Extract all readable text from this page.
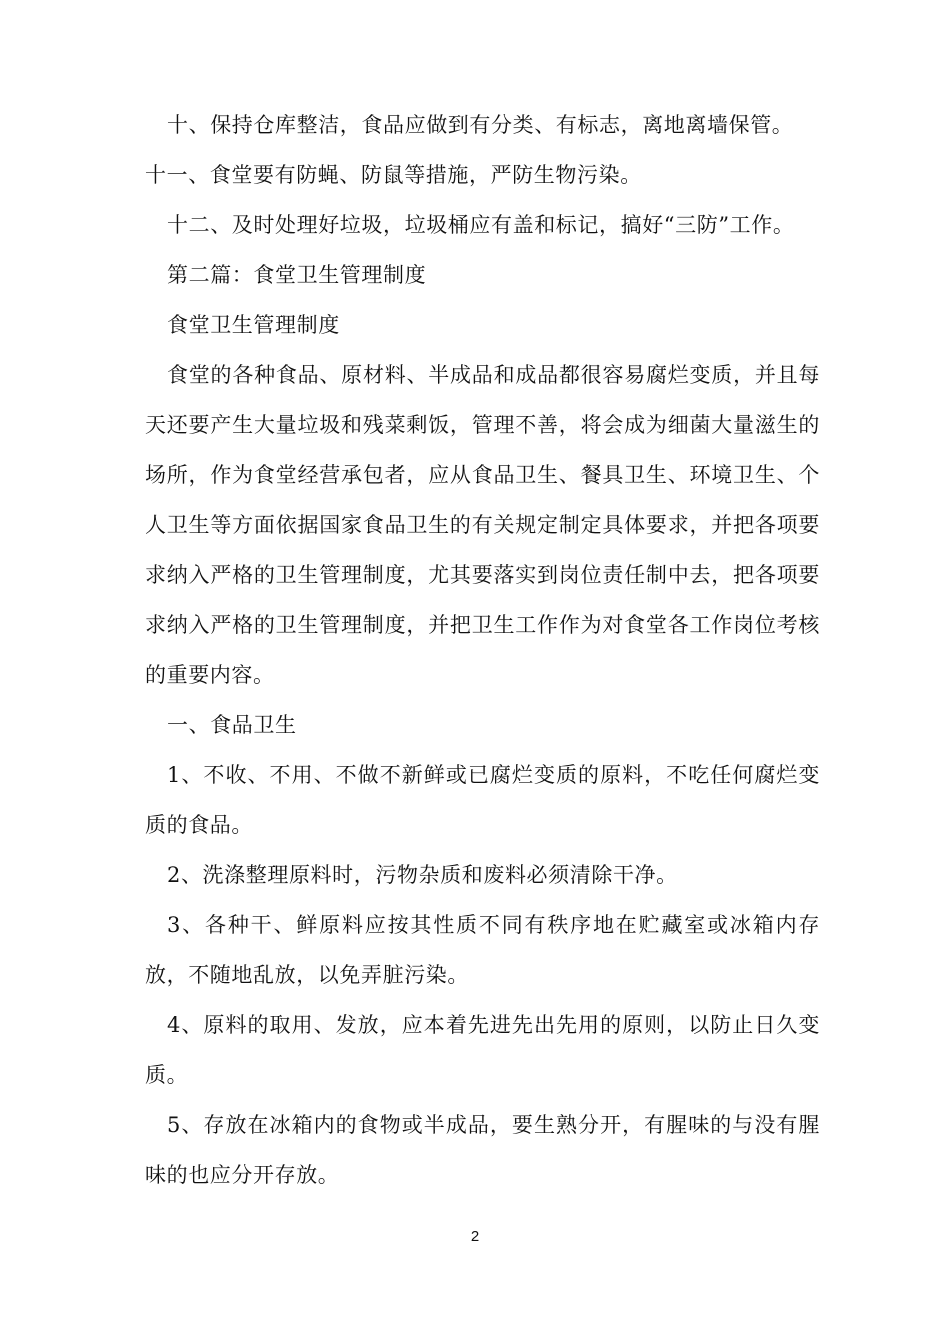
十、保持仓库整洁，食品应做到有分类、有标志，离地离墙保管。

十一、食堂要有防蝇、防鼠等措施，严防生物污染。

十二、及时处理好垃圾，垃圾桶应有盖和标记，搞好“三防”工作。

第二篇：食堂卫生管理制度

食堂卫生管理制度

食堂的各种食品、原材料、半成品和成品都很容易腐烂变质，并且每天还要产生大量垃圾和残菜剩饭，管理不善，将会成为细菌大量滋生的场所，作为食堂经营承包者，应从食品卫生、餐具卫生、环境卫生、个人卫生等方面依据国家食品卫生的有关规定制定具体要求，并把各项要求纳入严格的卫生管理制度，尤其要落实到岗位责任制中去，把各项要求纳入严格的卫生管理制度，并把卫生工作作为对食堂各工作岗位考核的重要内容。

一、食品卫生

1、不收、不用、不做不新鲜或已腐烂变质的原料，不吃任何腐烂变质的食品。

2、洗涤整理原料时，污物杂质和废料必须清除干净。

3、各种干、鲜原料应按其性质不同有秩序地在贮藏室或冰箱内存放，不随地乱放，以免弄脏污染。

4、原料的取用、发放，应本着先进先出先用的原则，以防止日久变质。

5、存放在冰箱内的食物或半成品，要生熟分开，有腥味的与没有腥味的也应分开存放。

2
